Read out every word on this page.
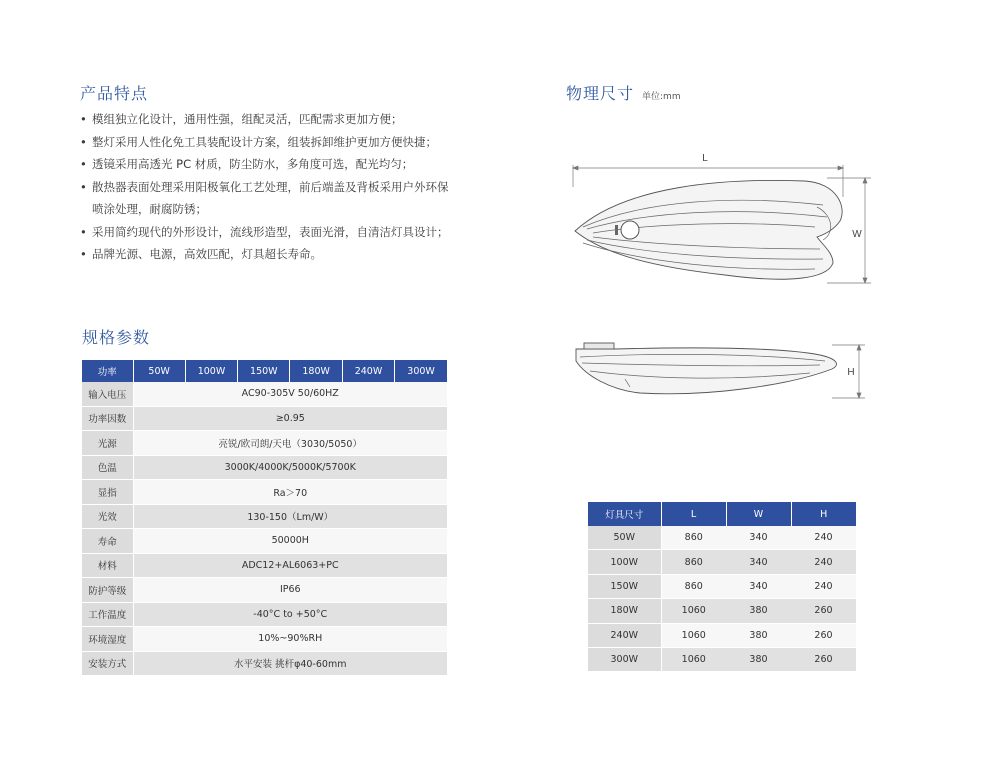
产品特点
• 模组独立化设计，通用性强，组配灵活，匹配需求更加方便；
• 整灯采用人性化免工具装配设计方案，组装拆卸维护更加方便快捷；
• 透镜采用高透光 PC 材质，防尘防水，多角度可选，配光均匀；
• 散热器表面处理采用阳极氧化工艺处理，前后端盖及背板采用户外环保
喷涂处理，耐腐防锈；
• 采用简约现代的外形设计，流线形造型，表面光滑，自清洁灯具设计；
• 品牌光源、电源，高效匹配，灯具超长寿命。
规格参数
功率	50W	100W	150W	180W	240W	300W
输入电压	AC90-305V 50/60HZ					
功率因数	≥0.95					
光源	亮锐/欧司朗/天电（3030/5050）					
色温	3000K/4000K/5000K/5700K					
显指	Ra＞70					
光效	130-150（Lm/W）					
寿命	50000H					
材料	ADC12+AL6063+PC					
防护等级	IP66					
工作温度	-40°C to +50°C					
环境湿度	10%~90%RH					
安装方式	水平安装 挑杆φ40-60mm					
物理尺寸 单位:mm
L
W
H
灯具尺寸	L	W	H
50W	860	340	240
100W	860	340	240
150W	860	340	240
180W	1060	380	260
240W	1060	380	260
300W	1060	380	260
